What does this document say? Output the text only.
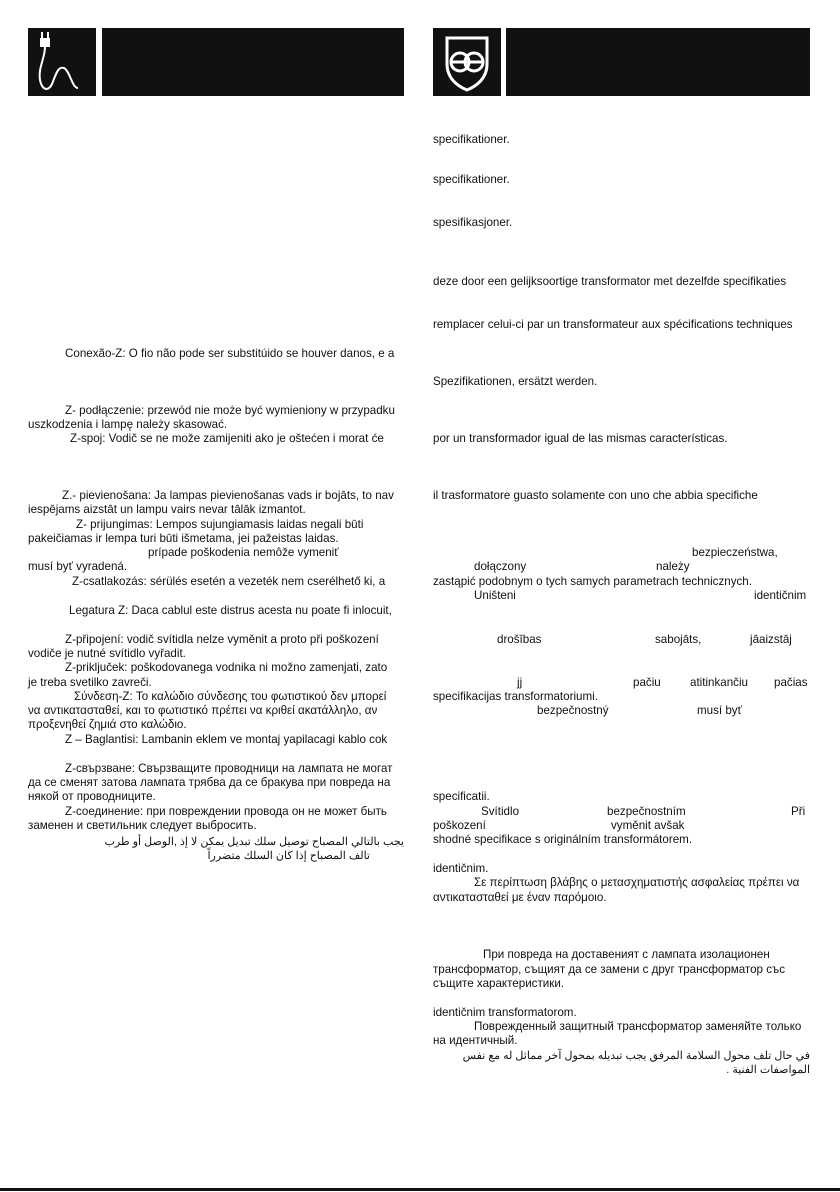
Conexão-Z: O fio não pode ser substitúido se houver danos, e a
Z- podłączenie: przewód nie może być wymieniony w przypadku
uszkodzenia i lampę należy skasować.
Z-spoj: Vodič se ne može zamijeniti ako je oštećen i morat će
Z.- pievienošana: Ja lampas pievienošanas vads ir bojāts, to nav
iespējams aizstāt un lampu vairs nevar tālāk izmantot.
Z- prijungimas: Lempos sujungiamasis laidas negali būti
pakeičiamas ir lempa turi būti išmetama, jei pažeistas laidas.
prípade poškodenia nemôže vymeniť
musí byť vyradená.
Z-csatlakozás: sérülés esetén a vezeték nem cserélhető ki, a
Legatura Z: Daca cablul este distrus acesta nu poate fi inlocuit,
Z-připojení: vodič svítidla nelze vyměnit a proto při poškození
vodiče je nutné svítidlo vyřadit.
Z-priključek: poškodovanega vodnika ni možno zamenjati, zato
je treba svetilko zavreči.
Σύνδεση-Z: Το καλώδιο σύνδεσης του φωτιστικού δεν μπορεί
να αντικατασταθεί, και το φωτιστικό πρέπει να κριθεί ακατάλληλο, αν
προξενηθεί ζημιά στο καλώδιο.
Z – Baglantisi: Lambanin eklem ve montaj yapilacagi kablo cok
Z-свързване: Свързващите проводници на лампата не могат
да се сменят затова лампата трябва да се бракува при повреда на
някой от проводниците.
Z-соединение: при повреждении провода он не может быть
заменен и светильник следует выбросить.
يجب بالتالي المصباح توصيل سلك تبديل يمكن لا إذ ,الوصل أو طرب
تالف المصباح إذا كان السلك متضرراً
specifikationer.
specifikationer.
spesifikasjoner.
deze door een gelijksoortige transformator met dezelfde specifikaties
remplacer celui-ci par un transformateur aux spécifications techniques
Spezifikationen, ersätzt werden.
por un transformador igual de las mismas características.
il trasformatore guasto solamente con uno che abbia specifiche
bezpieczeństwa,
dołączony	należy
zastąpić podobnym o tych samych parametrach technicznych.
Uništeni	identičnim
drošības	sabojāts,	jāaizstāj
jj	pačiu	atitinkančiu pačias
specifikacijas transformatoriumi.
bezpečnostný	musí byť
specificatii.
Svítidlo	bezpečnostním	Při
poškození	vyměnit avšak
shodné specifikace s originálním transformátorem.
identičnim.
Σε περίπτωση βλάβης ο μετασχηματιστής ασφαλείας πρέπει να
αντικατασταθεί με έναν παρόμοιο.
При повреда на доставеният с лампата изолационен
трансформатор, същият да се замени с друг трансформатор със
същите характеристики.
identičnim transformatorom.
Поврежденный защитный трансформатор заменяйте только
на идентичный.
في حال تلف محول السلامة المرفق يجب تبديله بمحول آخر مماثل له مع نفس
المواصفات الفنية .
